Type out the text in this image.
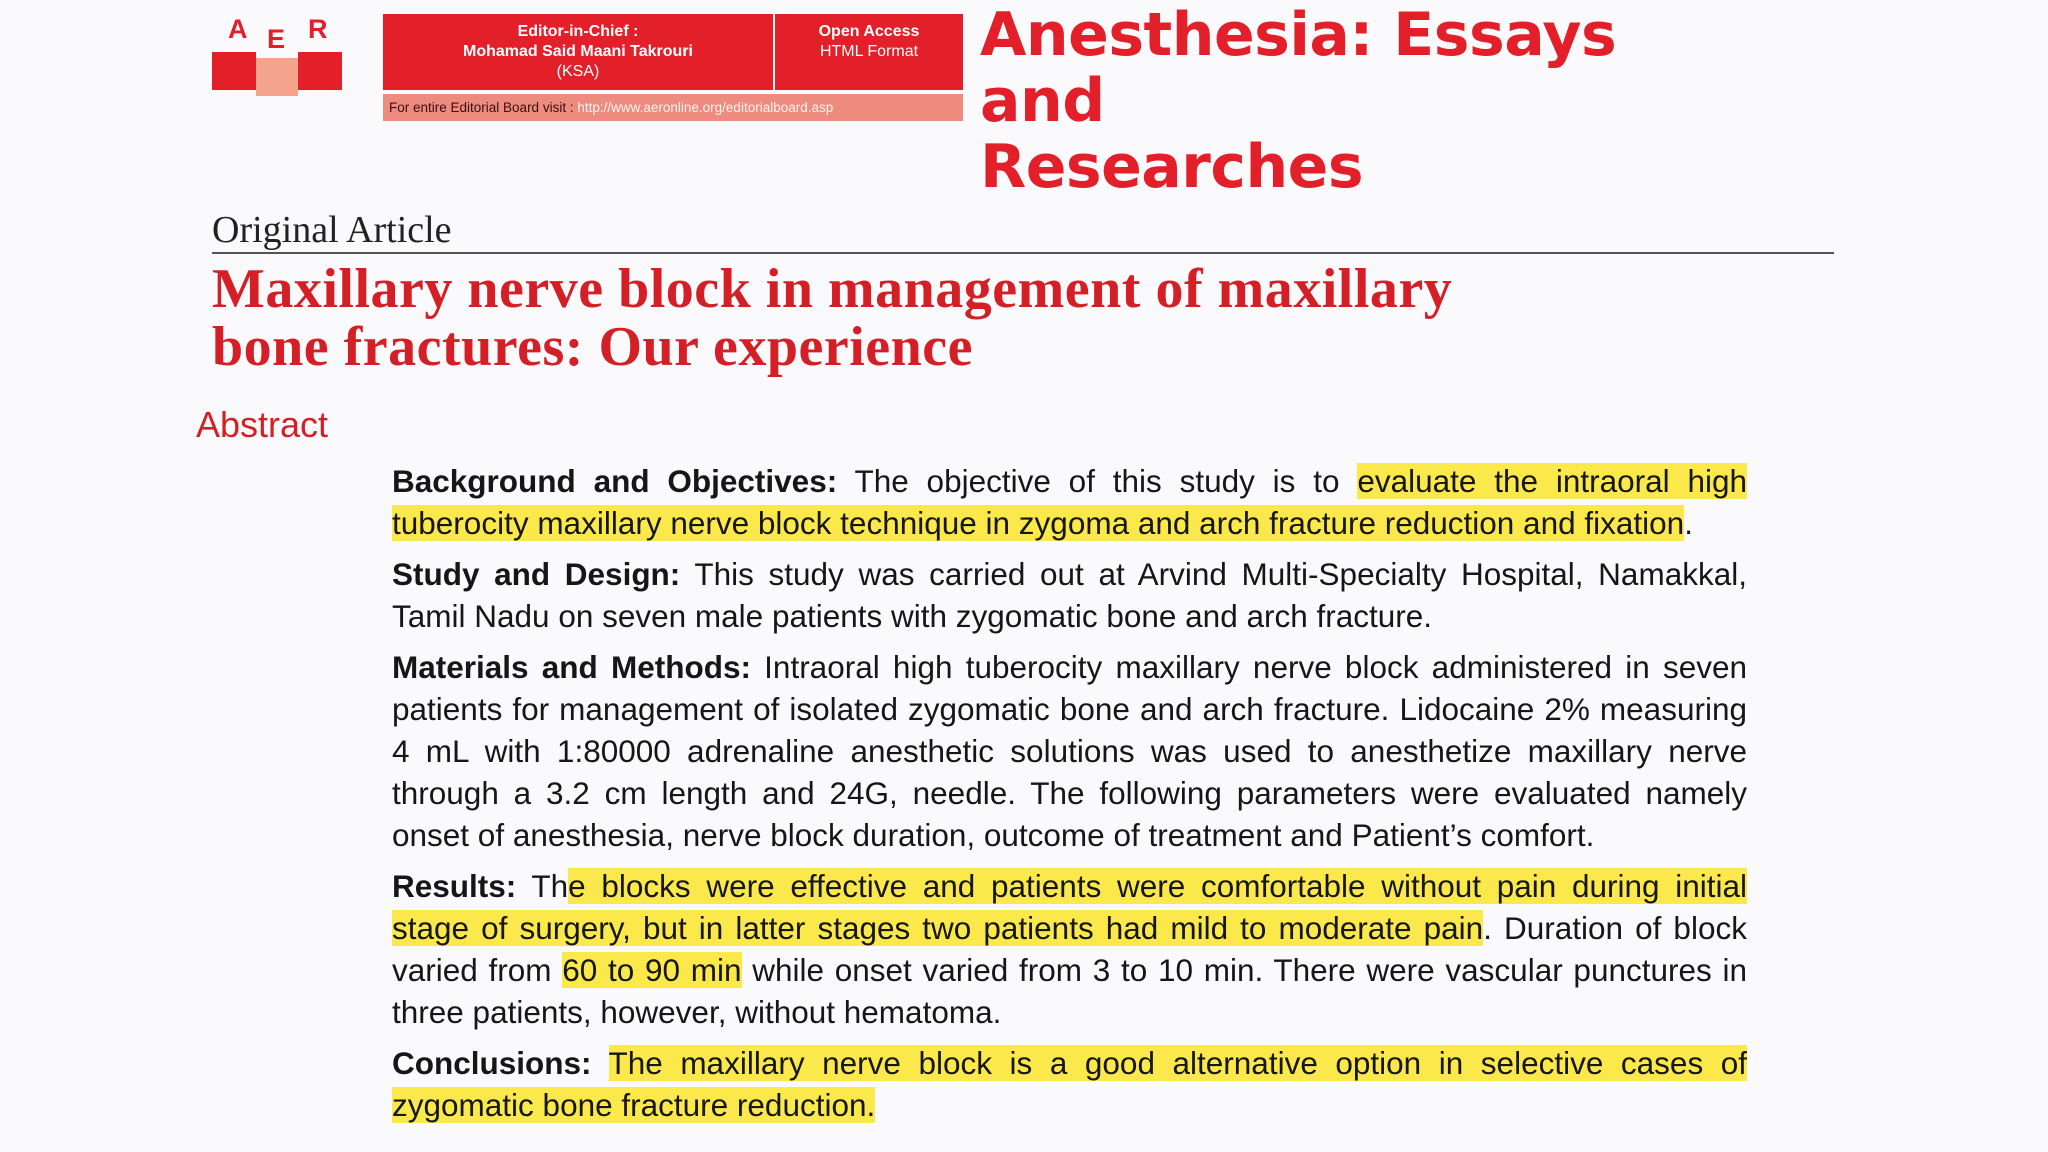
A E R	Editor-in-Chief :
Mohamad Said Maani Takrouri
(KSA)
Open Access
HTML Format
For entire Editorial Board visit : http://www.aeronline.org/editorialboard.asp
Anesthesia: Essays and
Researches
Original Article
Maxillary nerve block in management of maxillary
bone fractures: Our experience
Abstract

Background and Objectives: The objective of this study is to evaluate the intraoral high tuberocity maxillary nerve block technique in zygoma and arch fracture reduction and fixation.

Study and Design: This study was carried out at Arvind Multi-Specialty Hospital, Namakkal, Tamil Nadu on seven male patients with zygomatic bone and arch fracture.

Materials and Methods: Intraoral high tuberocity maxillary nerve block administered in seven patients for management of isolated zygomatic bone and arch fracture. Lidocaine 2% measuring 4 mL with 1:80000 adrenaline anesthetic solutions was used to anesthetize maxillary nerve through a 3.2 cm length and 24G, needle. The following parameters were evaluated namely onset of anesthesia, nerve block duration, outcome of treatment and Patient’s comfort.

Results: The blocks were effective and patients were comfortable without pain during initial stage of surgery, but in latter stages two patients had mild to moderate pain. Duration of block varied from 60 to 90 min while onset varied from 3 to 10 min. There were vascular punctures in three patients, however, without hematoma.

Conclusions: The maxillary nerve block is a good alternative option in selective cases of zygomatic bone fracture reduction.
